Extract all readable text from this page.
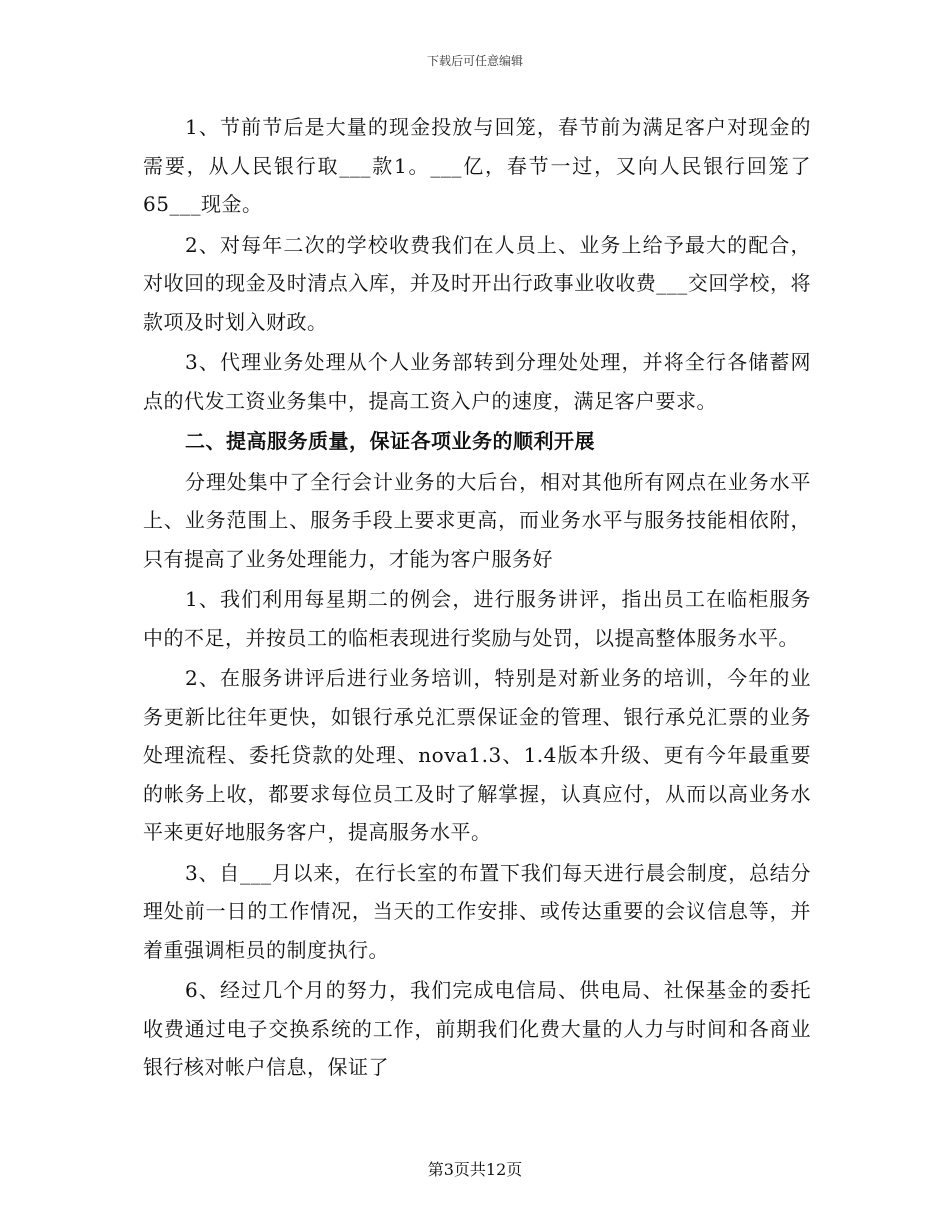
下载后可任意编辑

1、节前节后是大量的现金投放与回笼，春节前为满足客户对现金的需要，从人民银行取___款1。___亿，春节一过，又向人民银行回笼了65___现金。

2、对每年二次的学校收费我们在人员上、业务上给予最大的配合，对收回的现金及时清点入库，并及时开出行政事业收收费___交回学校，将款项及时划入财政。

3、代理业务处理从个人业务部转到分理处处理，并将全行各储蓄网点的代发工资业务集中，提高工资入户的速度，满足客户要求。

二、提高服务质量，保证各项业务的顺利开展

分理处集中了全行会计业务的大后台，相对其他所有网点在业务水平上、业务范围上、服务手段上要求更高，而业务水平与服务技能相依附，只有提高了业务处理能力，才能为客户服务好

1、我们利用每星期二的例会，进行服务讲评，指出员工在临柜服务中的不足，并按员工的临柜表现进行奖励与处罚，以提高整体服务水平。

2、在服务讲评后进行业务培训，特别是对新业务的培训，今年的业务更新比往年更快，如银行承兑汇票保证金的管理、银行承兑汇票的业务处理流程、委托贷款的处理、nova1.3、1.4版本升级、更有今年最重要的帐务上收，都要求每位员工及时了解掌握，认真应付，从而以高业务水平来更好地服务客户，提高服务水平。

3、自___月以来，在行长室的布置下我们每天进行晨会制度，总结分理处前一日的工作情况，当天的工作安排、或传达重要的会议信息等，并着重强调柜员的制度执行。

6、经过几个月的努力，我们完成电信局、供电局、社保基金的委托收费通过电子交换系统的工作，前期我们化费大量的人力与时间和各商业银行核对帐户信息，保证了

第3页共12页
